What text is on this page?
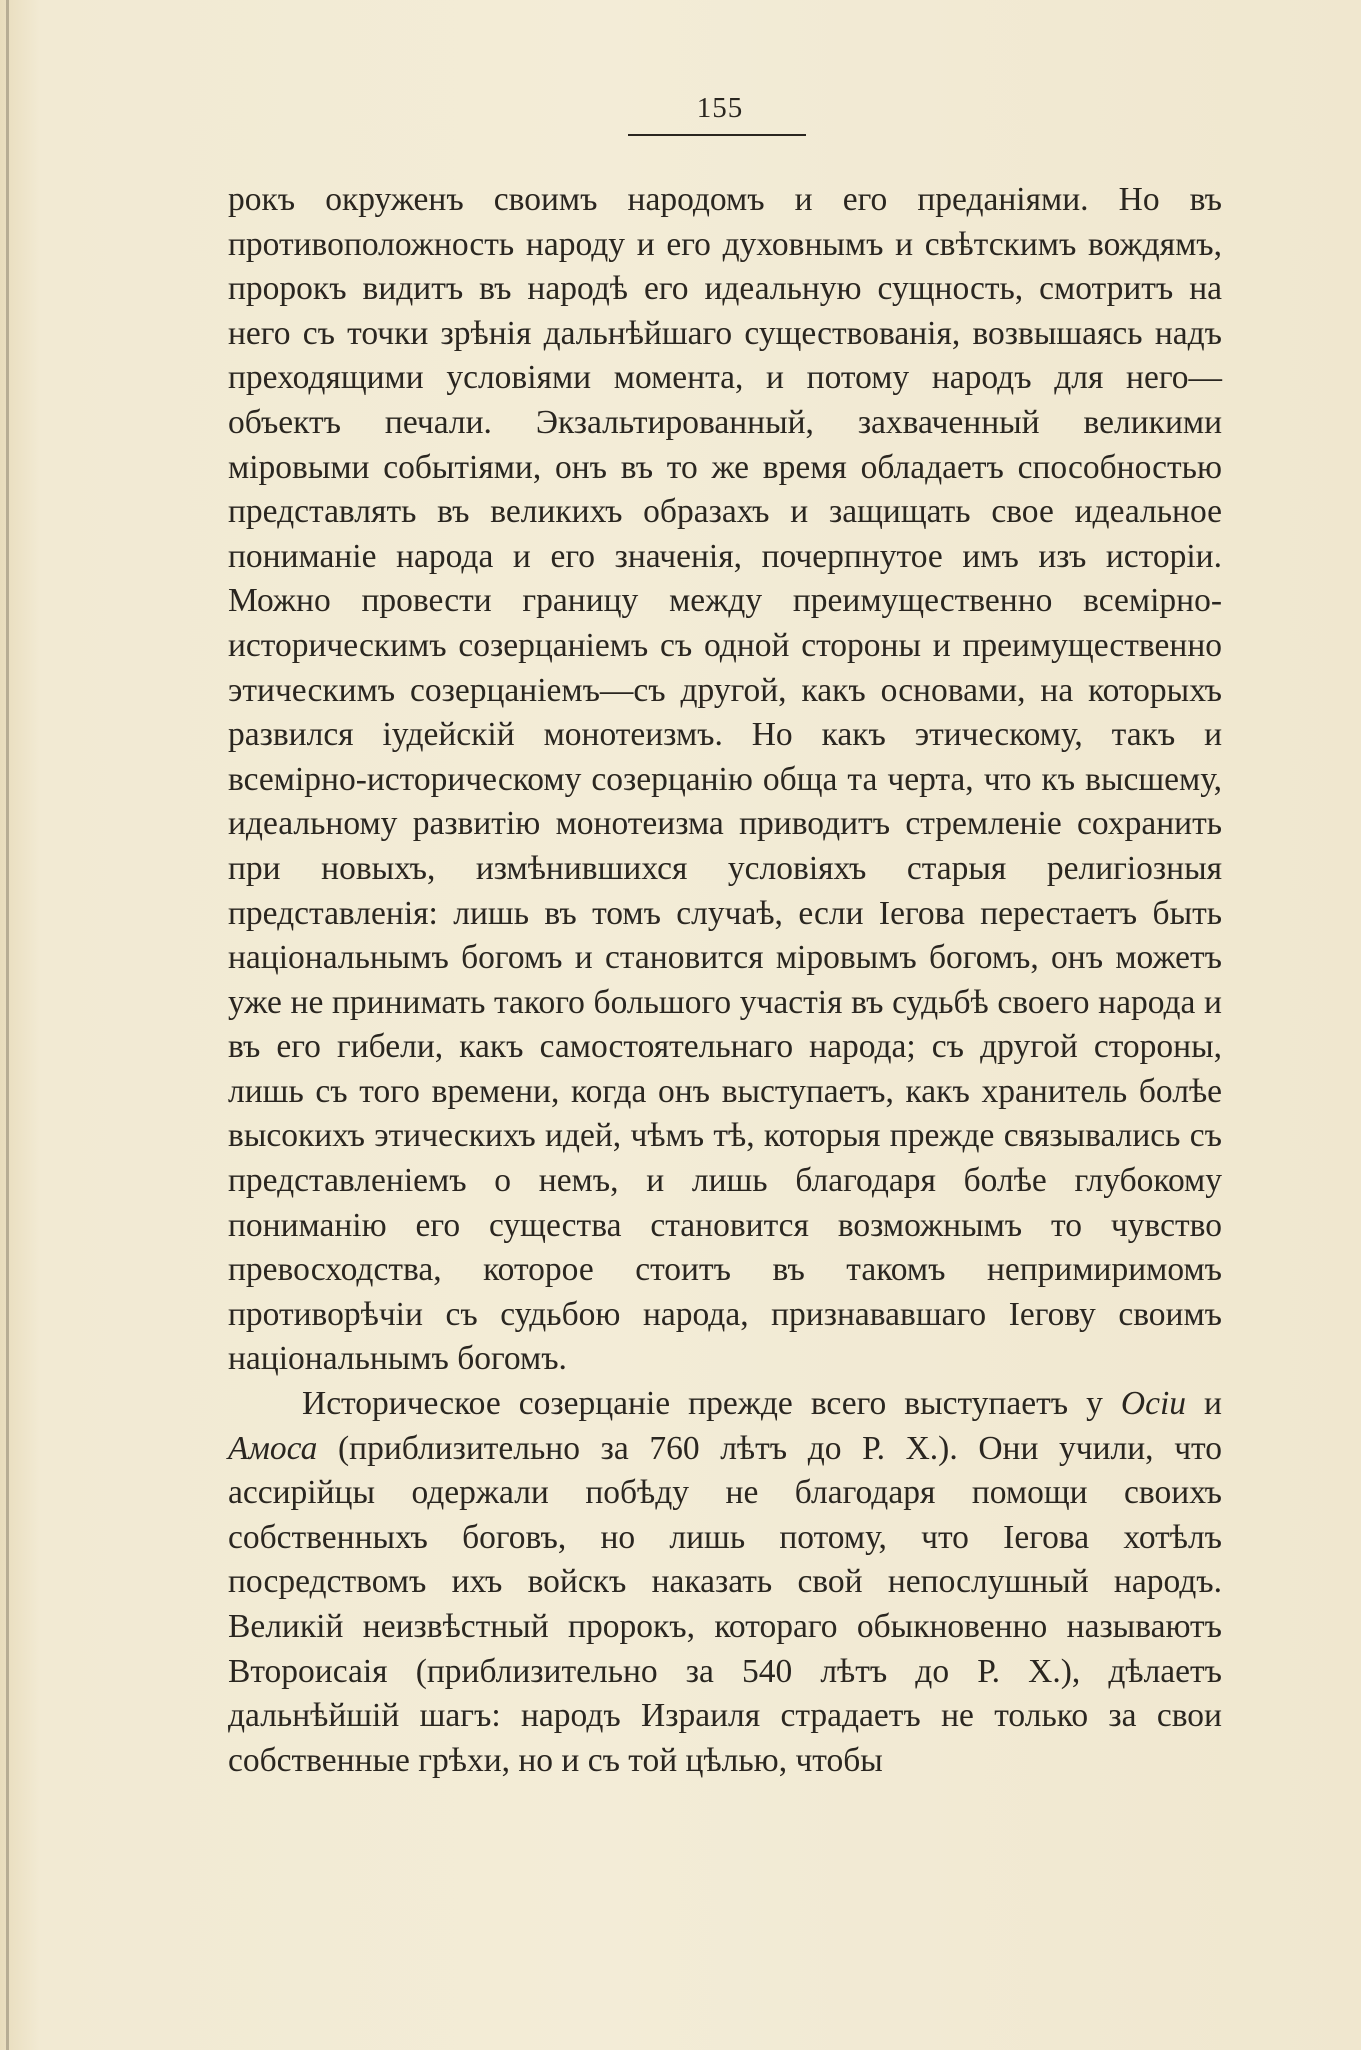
155

рокъ окруженъ своимъ народомъ и его преданіями. Но въ противоположность народу и его духовнымъ и свѣтскимъ вождямъ, пророкъ видитъ въ народѣ его идеальную сущность, смотритъ на него съ точки зрѣнія дальнѣйшаго существованія, возвышаясь надъ преходящими условіями момента, и потому народъ для него—объектъ печали. Экзальтированный, захваченный великими міровыми событіями, онъ въ то же время обладаетъ способностью представлять въ великихъ образахъ и защищать свое идеальное пониманіе народа и его значенія, почерпнутое имъ изъ исторіи. Можно провести границу между преимущественно всемірно-историческимъ созерцаніемъ съ одной стороны и преимущественно этическимъ созерцаніемъ—съ другой, какъ основами, на которыхъ развился іудейскій монотеизмъ. Но какъ этическому, такъ и всемірно-историческому созерцанію обща та черта, что къ высшему, идеальному развитію монотеизма приводитъ стремленіе сохранить при новыхъ, измѣнившихся условіяхъ старыя религіозныя представленія: лишь въ томъ случаѣ, если Іегова перестаетъ быть національнымъ богомъ и становится міровымъ богомъ, онъ можетъ уже не принимать такого большого участія въ судьбѣ своего народа и въ его гибели, какъ самостоятельнаго народа; съ другой стороны, лишь съ того времени, когда онъ выступаетъ, какъ хранитель болѣе высокихъ этическихъ идей, чѣмъ тѣ, которыя прежде связывались съ представленіемъ о немъ, и лишь благодаря болѣе глубокому пониманію его существа становится возможнымъ то чувство превосходства, которое стоитъ въ такомъ непримиримомъ противорѣчіи съ судьбою народа, признававшаго Іегову своимъ національнымъ богомъ.

Историческое созерцаніе прежде всего выступаетъ у Осіи и Амоса (приблизительно за 760 лѣтъ до Р. Х.). Они учили, что ассирійцы одержали побѣду не благодаря помощи своихъ собственныхъ боговъ, но лишь потому, что Іегова хотѣлъ посредствомъ ихъ войскъ наказать свой непослушный народъ. Великій неизвѣстный пророкъ, котораго обыкновенно называютъ Второисаія (приблизительно за 540 лѣтъ до Р. Х.), дѣлаетъ дальнѣйшій шагъ: народъ Израиля страдаетъ не только за свои собственные грѣхи, но и съ той цѣлью, чтобы
